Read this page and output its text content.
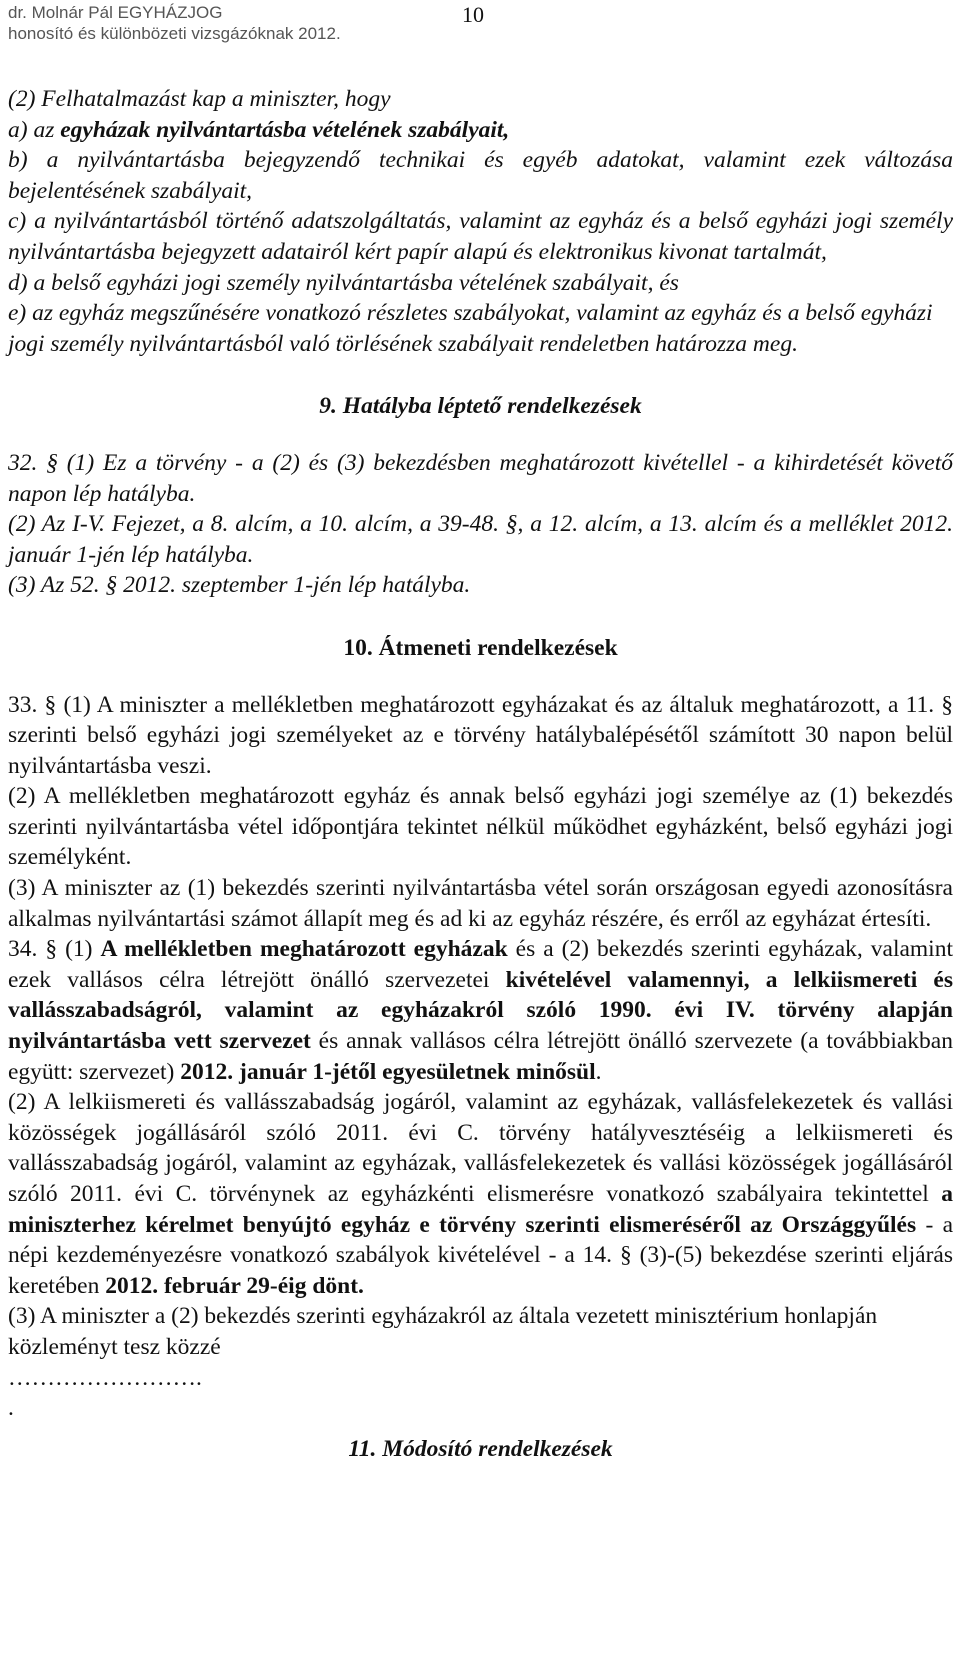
dr. Molnár Pál EGYHÁZJOG
honosító és különbözeti vizsgázóknak 2012.
10

(2) Felhatalmazást kap a miniszter, hogy

a) az egyházak nyilvántartásba vételének szabályait,

b) a nyilvántartásba bejegyzendő technikai és egyéb adatokat, valamint ezek változása bejelentésének szabályait,

c) a nyilvántartásból történő adatszolgáltatás, valamint az egyház és a belső egyházi jogi személy nyilvántartásba bejegyzett adatairól kért papír alapú és elektronikus kivonat tartalmát,

d) a belső egyházi jogi személy nyilvántartásba vételének szabályait, és

e) az egyház megszűnésére vonatkozó részletes szabályokat, valamint az egyház és a belső egyházi jogi személy nyilvántartásból való törlésének szabályait rendeletben határozza meg.

9. Hatályba léptető rendelkezések

32. § (1) Ez a törvény - a (2) és (3) bekezdésben meghatározott kivétellel - a kihirdetését követő napon lép hatályba.

(2) Az I-V. Fejezet, a 8. alcím, a 10. alcím, a 39-48. §, a 12. alcím, a 13. alcím és a melléklet 2012. január 1-jén lép hatályba.

(3) Az 52. § 2012. szeptember 1-jén lép hatályba.

10. Átmeneti rendelkezések

33. § (1) A miniszter a mellékletben meghatározott egyházakat és az általuk meghatározott, a 11. § szerinti belső egyházi jogi személyeket az e törvény hatálybalépésétől számított 30 napon belül nyilvántartásba veszi.

(2) A mellékletben meghatározott egyház és annak belső egyházi jogi személye az (1) bekezdés szerinti nyilvántartásba vétel időpontjára tekintet nélkül működhet egyházként, belső egyházi jogi személyként.

(3) A miniszter az (1) bekezdés szerinti nyilvántartásba vétel során országosan egyedi azonosításra alkalmas nyilvántartási számot állapít meg és ad ki az egyház részére, és erről az egyházat értesíti.

34. § (1) A mellékletben meghatározott egyházak és a (2) bekezdés szerinti egyházak, valamint ezek vallásos célra létrejött önálló szervezetei kivételével valamennyi, a lelkiismereti és vallásszabadságról, valamint az egyházakról szóló 1990. évi IV. törvény alapján nyilvántartásba vett szervezet és annak vallásos célra létrejött önálló szervezete (a továbbiakban együtt: szervezet) 2012. január 1-jétől egyesületnek minősül.

(2) A lelkiismereti és vallásszabadság jogáról, valamint az egyházak, vallásfelekezetek és vallási közösségek jogállásáról szóló 2011. évi C. törvény hatályvesztéséig a lelkiismereti és vallásszabadság jogáról, valamint az egyházak, vallásfelekezetek és vallási közösségek jogállásáról szóló 2011. évi C. törvénynek az egyházkénti elismerésre vonatkozó szabályaira tekintettel a miniszterhez kérelmet benyújtó egyház e törvény szerinti elismeréséről az Országgyűlés - a népi kezdeményezésre vonatkozó szabályok kivételével - a 14. § (3)-(5) bekezdése szerinti eljárás keretében 2012. február 29-éig dönt.

(3) A miniszter a (2) bekezdés szerinti egyházakról az általa vezetett minisztérium honlapján közleményt tesz közzé

…………………….

.

11. Módosító rendelkezések
